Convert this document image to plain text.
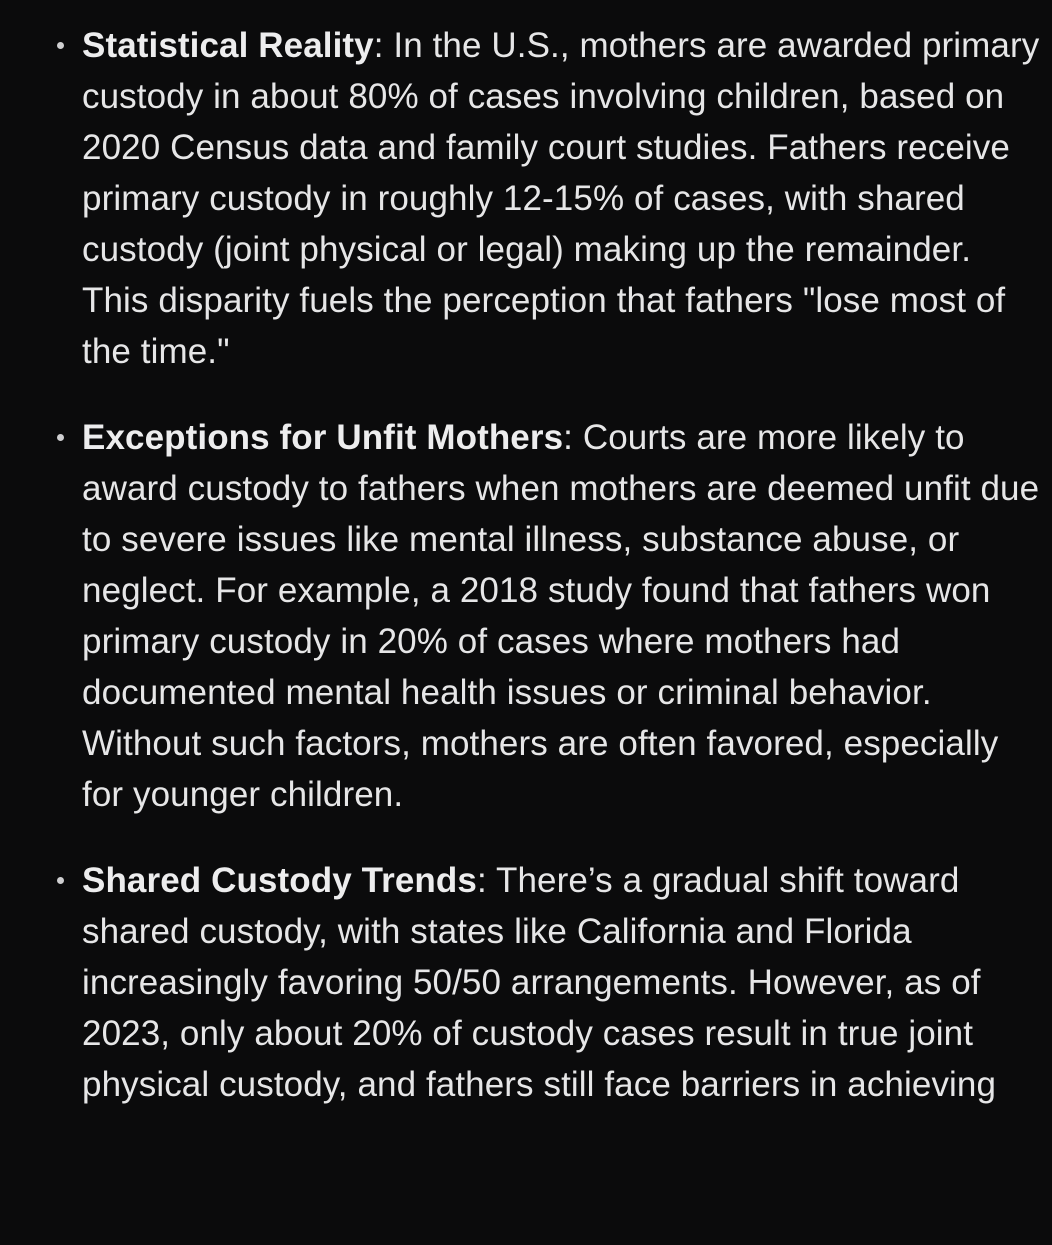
Statistical Reality: In the U.S., mothers are awarded primary custody in about 80% of cases involving children, based on 2020 Census data and family court studies. Fathers receive primary custody in roughly 12-15% of cases, with shared custody (joint physical or legal) making up the remainder. This disparity fuels the perception that fathers "lose most of the time."
Exceptions for Unfit Mothers: Courts are more likely to award custody to fathers when mothers are deemed unfit due to severe issues like mental illness, substance abuse, or neglect. For example, a 2018 study found that fathers won primary custody in 20% of cases where mothers had documented mental health issues or criminal behavior. Without such factors, mothers are often favored, especially for younger children.
Shared Custody Trends: There’s a gradual shift toward shared custody, with states like California and Florida increasingly favoring 50/50 arrangements. However, as of 2023, only about 20% of custody cases result in true joint physical custody, and fathers still face barriers in achieving
